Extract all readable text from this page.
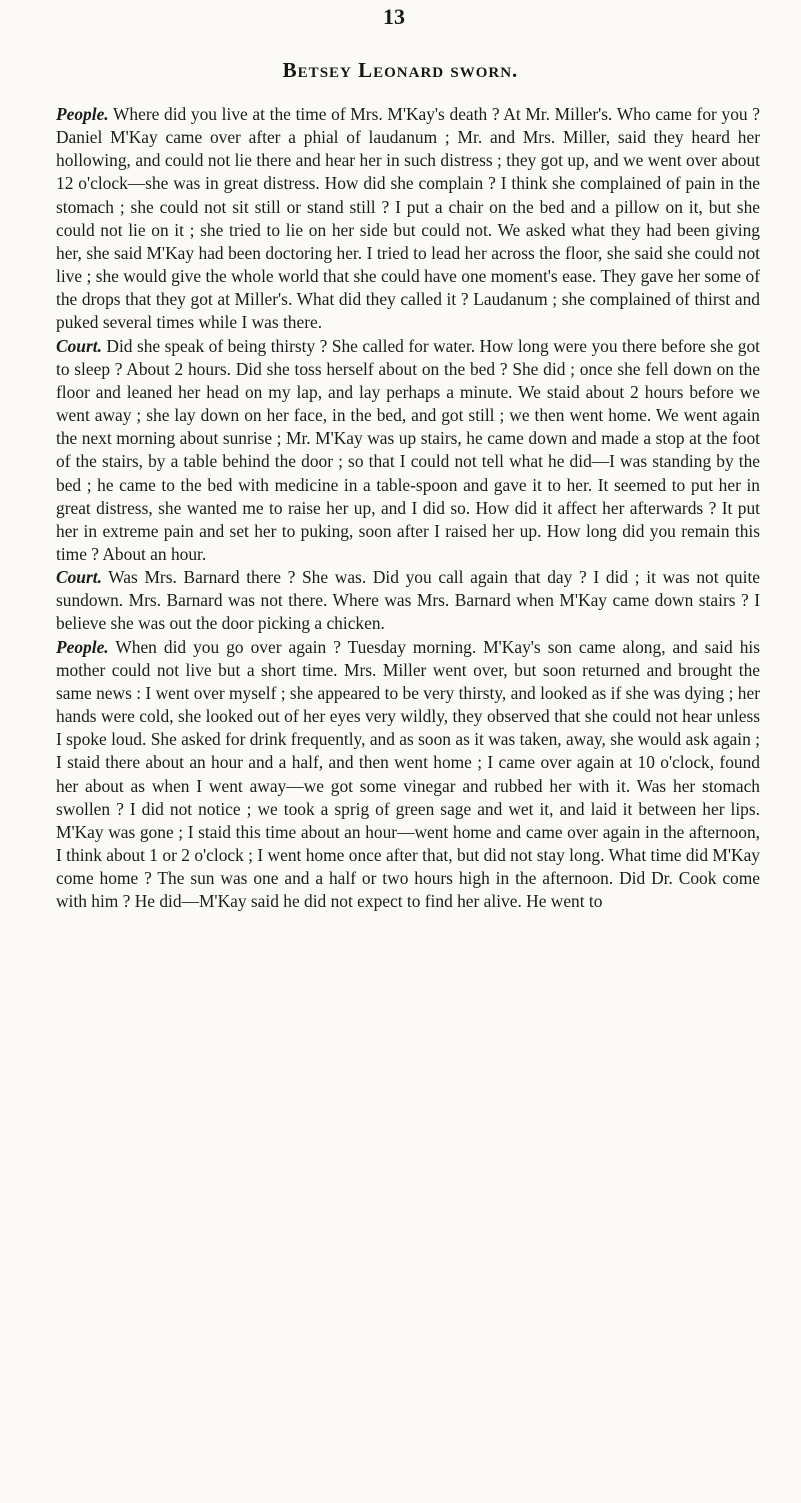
13
Betsey Leonard sworn.

People. Where did you live at the time of Mrs. M'Kay's death ? At Mr. Miller's. Who came for you ? Daniel M'Kay came over after a phial of laudanum ; Mr. and Mrs. Miller, said they heard her hollowing, and could not lie there and hear her in such distress ; they got up, and we went over about 12 o'clock—she was in great distress. How did she complain ? I think she complained of pain in the stomach ; she could not sit still or stand still ? I put a chair on the bed and a pillow on it, but she could not lie on it ; she tried to lie on her side but could not. We asked what they had been giving her, she said M'Kay had been doctoring her. I tried to lead her across the floor, she said she could not live ; she would give the whole world that she could have one moment's ease. They gave her some of the drops that they got at Miller's. What did they called it ? Laudanum ; she complained of thirst and puked several times while I was there.

Court. Did she speak of being thirsty ? She called for water. How long were you there before she got to sleep ? About 2 hours. Did she toss herself about on the bed ? She did ; once she fell down on the floor and leaned her head on my lap, and lay perhaps a minute. We staid about 2 hours before we went away ; she lay down on her face, in the bed, and got still ; we then went home. We went again the next morning about sunrise ; Mr. M'Kay was up stairs, he came down and made a stop at the foot of the stairs, by a table behind the door ; so that I could not tell what he did—I was standing by the bed ; he came to the bed with medicine in a table-spoon and gave it to her. It seemed to put her in great distress, she wanted me to raise her up, and I did so. How did it affect her afterwards ? It put her in extreme pain and set her to puking, soon after I raised her up. How long did you remain this time ? About an hour.

Court. Was Mrs. Barnard there ? She was. Did you call again that day ? I did ; it was not quite sundown. Mrs. Barnard was not there. Where was Mrs. Barnard when M'Kay came down stairs ? I believe she was out the door picking a chicken.

People. When did you go over again ? Tuesday morning. M'Kay's son came along, and said his mother could not live but a short time. Mrs. Miller went over, but soon returned and brought the same news : I went over myself ; she appeared to be very thirsty, and looked as if she was dying ; her hands were cold, she looked out of her eyes very wildly, they observed that she could not hear unless I spoke loud. She asked for drink frequently, and as soon as it was taken, away, she would ask again ; I staid there about an hour and a half, and then went home ; I came over again at 10 o'clock, found her about as when I went away—we got some vinegar and rubbed her with it. Was her stomach swollen ? I did not notice ; we took a sprig of green sage and wet it, and laid it between her lips. M'Kay was gone ; I staid this time about an hour—went home and came over again in the afternoon, I think about 1 or 2 o'clock ; I went home once after that, but did not stay long. What time did M'Kay come home ? The sun was one and a half or two hours high in the afternoon. Did Dr. Cook come with him ? He did—M'Kay said he did not expect to find her alive. He went to
